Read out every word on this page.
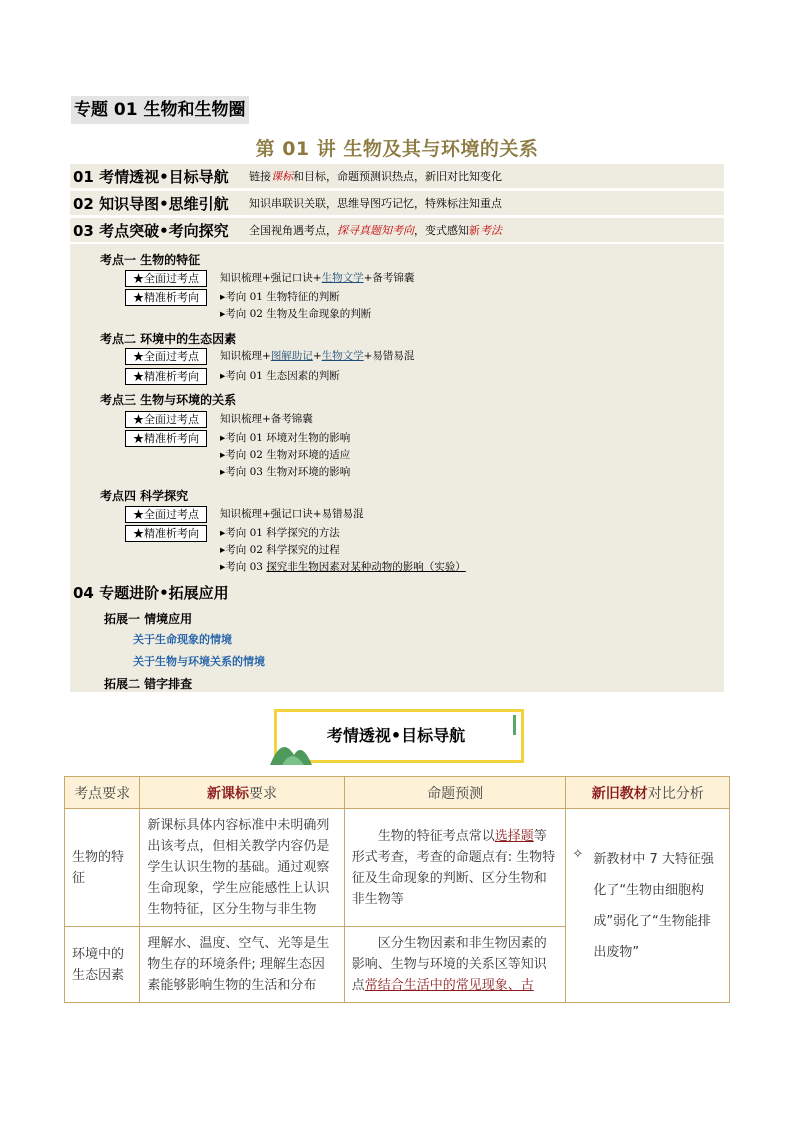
专题 01 生物和生物圈
第 01 讲 生物及其与环境的关系
01 考情透视•目标导航	链接课标和目标，命题预测识热点，新旧对比知变化
02 知识导图•思维引航	知识串联识关联，思维导图巧记忆，特殊标注知重点
03 考点突破•考向探究	全国视角遇考点，探寻真题知考向，变式感知新考法
考点一 生物的特征
★全面过考点	知识梳理+强记口诀+生物文学+备考锦囊
★精准析考向	▸考向 01 生物特征的判断
▸考向 02 生物及生命现象的判断
考点二 环境中的生态因素
★全面过考点	知识梳理+图解助记+生物文学+易错易混
★精准析考向	▸考向 01 生态因素的判断
考点三 生物与环境的关系
★全面过考点	知识梳理+备考锦囊
★精准析考向	▸考向 01 环境对生物的影响
▸考向 02 生物对环境的适应
▸考向 03 生物对环境的影响
考点四 科学探究
★全面过考点	知识梳理+强记口诀+易错易混
★精准析考向	▸考向 01 科学探究的方法
▸考向 02 科学探究的过程
▸考向 03 探究非生物因素对某种动物的影响（实验）
04 专题进阶•拓展应用
拓展一 情境应用
关于生命现象的情境
关于生物与环境关系的情境
拓展二 错字排查
考情透视•目标导航
考点要求	新课标要求	命题预测	新旧教材对比分析
生物的特征	新课标具体内容标准中未明确列出该考点，但相关教学内容仍是学生认识生物的基础。通过观察生命现象，学生应能感性上认识生物特征，区分生物与非生物	生物的特征考点常以选择题等形式考查，考查的命题点有: 生物特征及生命现象的判断、区分生物和非生物等	✧ 新教材中 7 大特征强化了“生物由细胞构成”弱化了“生物能排出废物”

环境中的生态因素	理解水、温度、空气、光等是生物生存的环境条件; 理解生态因素能够影响生物的生活和分布	区分生物因素和非生物因素的影响、生物与环境的关系区等知识点常结合生活中的常见现象、古	
